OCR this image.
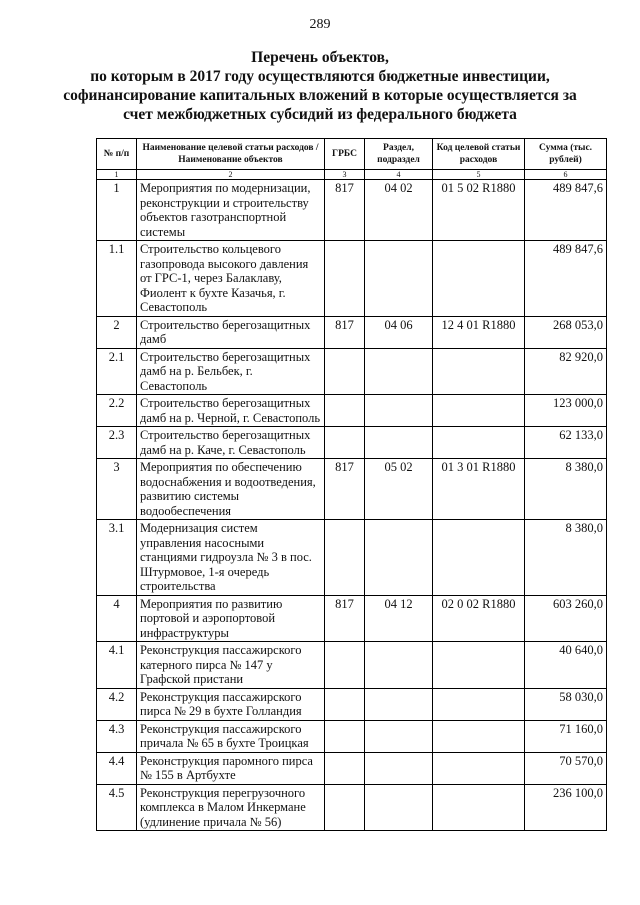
289
Перечень объектов,
по которым в 2017 году осуществляются бюджетные инвестиции,
софинансирование капитальных вложений в которые осуществляется за
счет межбюджетных субсидий из федерального бюджета
№ п/п	Наименование целевой статьи расходов / Наименование объектов	ГРБС	Раздел, подраздел	Код целевой статьи расходов	Сумма (тыс. рублей)
1	2	3	4	5	6
1	Мероприятия по модернизации, реконструкции и строительству объектов газотранспортной системы	817	04 02	01 5 02 R1880	489 847,6
1.1	Строительство кольцевого газопровода высокого давления от ГРС-1, через Балаклаву, Фиолент к бухте Казачья, г. Севастополь				489 847,6
2	Строительство берегозащитных дамб	817	04 06	12 4 01 R1880	268 053,0
2.1	Строительство берегозащитных дамб на р. Бельбек, г. Севастополь				82 920,0
2.2	Строительство берегозащитных дамб на р. Черной, г. Севастополь				123 000,0
2.3	Строительство берегозащитных дамб на р. Каче, г. Севастополь				62 133,0
3	Мероприятия по обеспечению водоснабжения и водоотведения, развитию системы водообеспечения	817	05 02	01 3 01 R1880	8 380,0
3.1	Модернизация систем управления насосными станциями гидроузла № 3 в пос. Штурмовое, 1-я очередь строительства				8 380,0
4	Мероприятия по развитию портовой и аэропортовой инфраструктуры	817	04 12	02 0 02 R1880	603 260,0
4.1	Реконструкция пассажирского катерного пирса № 147 у Графской пристани				40 640,0
4.2	Реконструкция пассажирского пирса № 29 в бухте Голландия				58 030,0
4.3	Реконструкция пассажирского причала № 65 в бухте Троицкая				71 160,0
4.4	Реконструкция паромного пирса № 155 в Артбухте				70 570,0
4.5	Реконструкция перегрузочного комплекса в Малом Инкермане (удлинение причала № 56)				236 100,0
